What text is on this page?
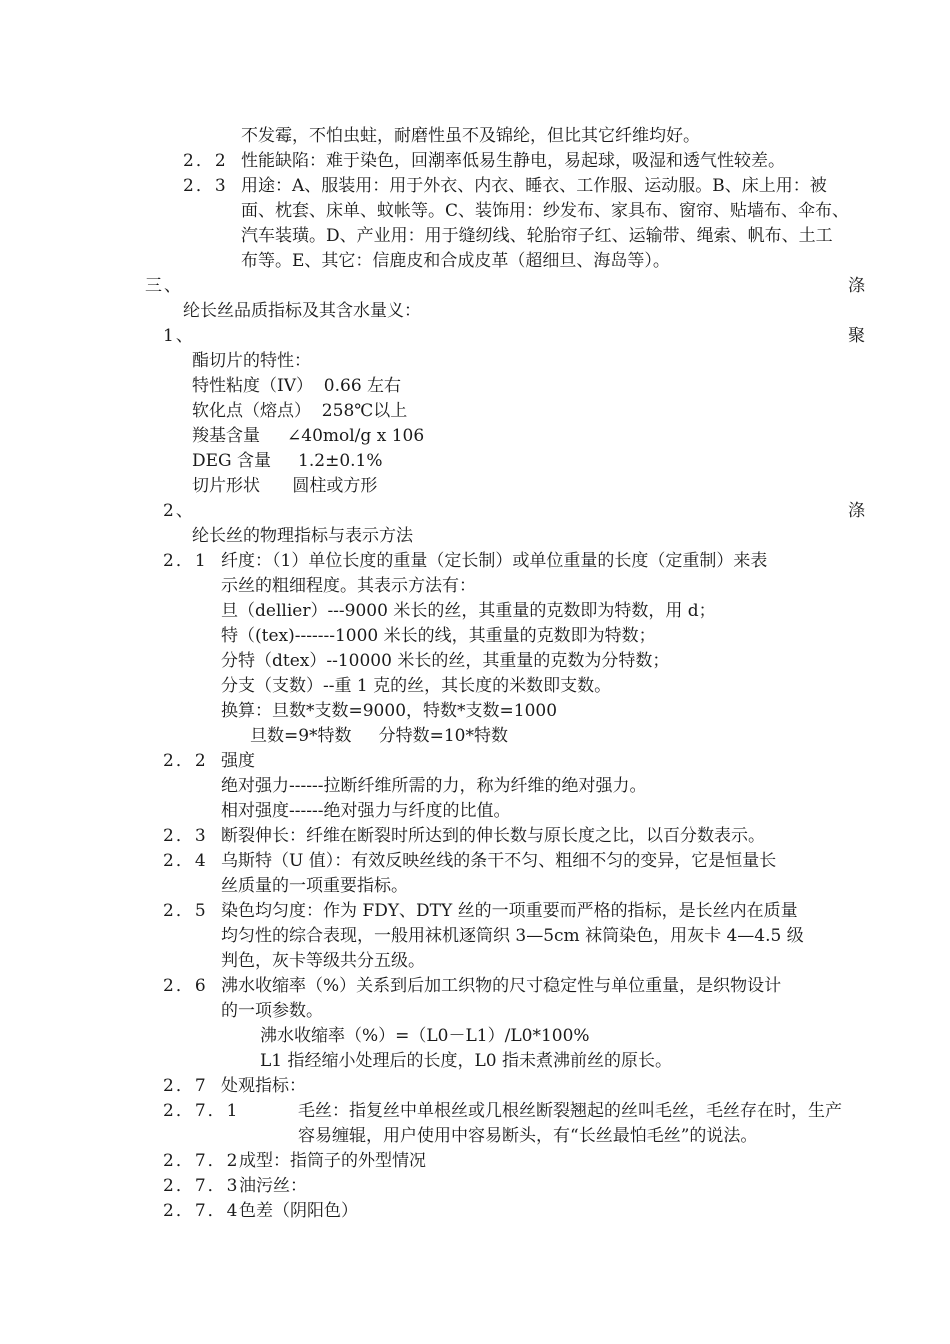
不发霉，不怕虫蛀，耐磨性虽不及锦纶，但比其它纤维均好。
2．2 性能缺陷：难于染色，回潮率低易生静电，易起球，吸湿和透气性较差。
2．3 用途：A、服装用：用于外衣、内衣、睡衣、工作服、运动服。B、床上用：被
面、枕套、床单、蚊帐等。C、装饰用：纱发布、家具布、窗帘、贴墙布、伞布、
汽车装璜。D、产业用：用于缝纫线、轮胎帘子红、运输带、绳索、帆布、土工
布等。E、其它：信鹿皮和合成皮革（超细旦、海岛等）。
三、	涤
纶长丝品质指标及其含水量义：
1、	聚
酯切片的特性：
特性粘度（IV）  0.66 左右
软化点（熔点）  258℃以上
羧基含量     ∠40mol/g x 106
DEG 含量     1.2±0.1%
切片形状      圆柱或方形
2、	涤
纶长丝的物理指标与表示方法
2．1 纤度：（1）单位长度的重量（定长制）或单位重量的长度（定重制）来表
示丝的粗细程度。其表示方法有：
旦（dellier）---9000 米长的丝，其重量的克数即为特数，用 d；
特（(tex)-------1000 米长的线，其重量的克数即为特数；
分特（dtex）--10000 米长的丝，其重量的克数为分特数；
分支（支数）--重 1 克的丝，其长度的米数即支数。
换算：旦数*支数=9000，特数*支数=1000
旦数=9*特数     分特数=10*特数
2．2 强度
绝对强力------拉断纤维所需的力，称为纤维的绝对强力。
相对强度------绝对强力与纤度的比值。
2．3 断裂伸长：纤维在断裂时所达到的伸长数与原长度之比，以百分数表示。
2．4 乌斯特（U 值）：有效反映丝线的条干不匀、粗细不匀的变异，它是恒量长
丝质量的一项重要指标。
2．5 染色均匀度：作为 FDY、DTY 丝的一项重要而严格的指标，是长丝内在质量
均匀性的综合表现，一般用袜机逐筒织 3—5cm 袜筒染色，用灰卡 4—4.5 级
判色，灰卡等级共分五级。
2．6 沸水收缩率（%）关系到后加工织物的尺寸稳定性与单位重量，是织物设计
的一项参数。
沸水收缩率（%）=（L0－L1）/L0*100%
L1 指经缩小处理后的长度，L0 指未煮沸前丝的原长。
2．7 处观指标：
2．7．1	毛丝：指复丝中单根丝或几根丝断裂翘起的丝叫毛丝，毛丝存在时，生产
容易缠辊，用户使用中容易断头，有“长丝最怕毛丝”的说法。
2．7．2 成型：指筒子的外型情况
2．7．3 油污丝：
2．7．4 色差（阴阳色）
